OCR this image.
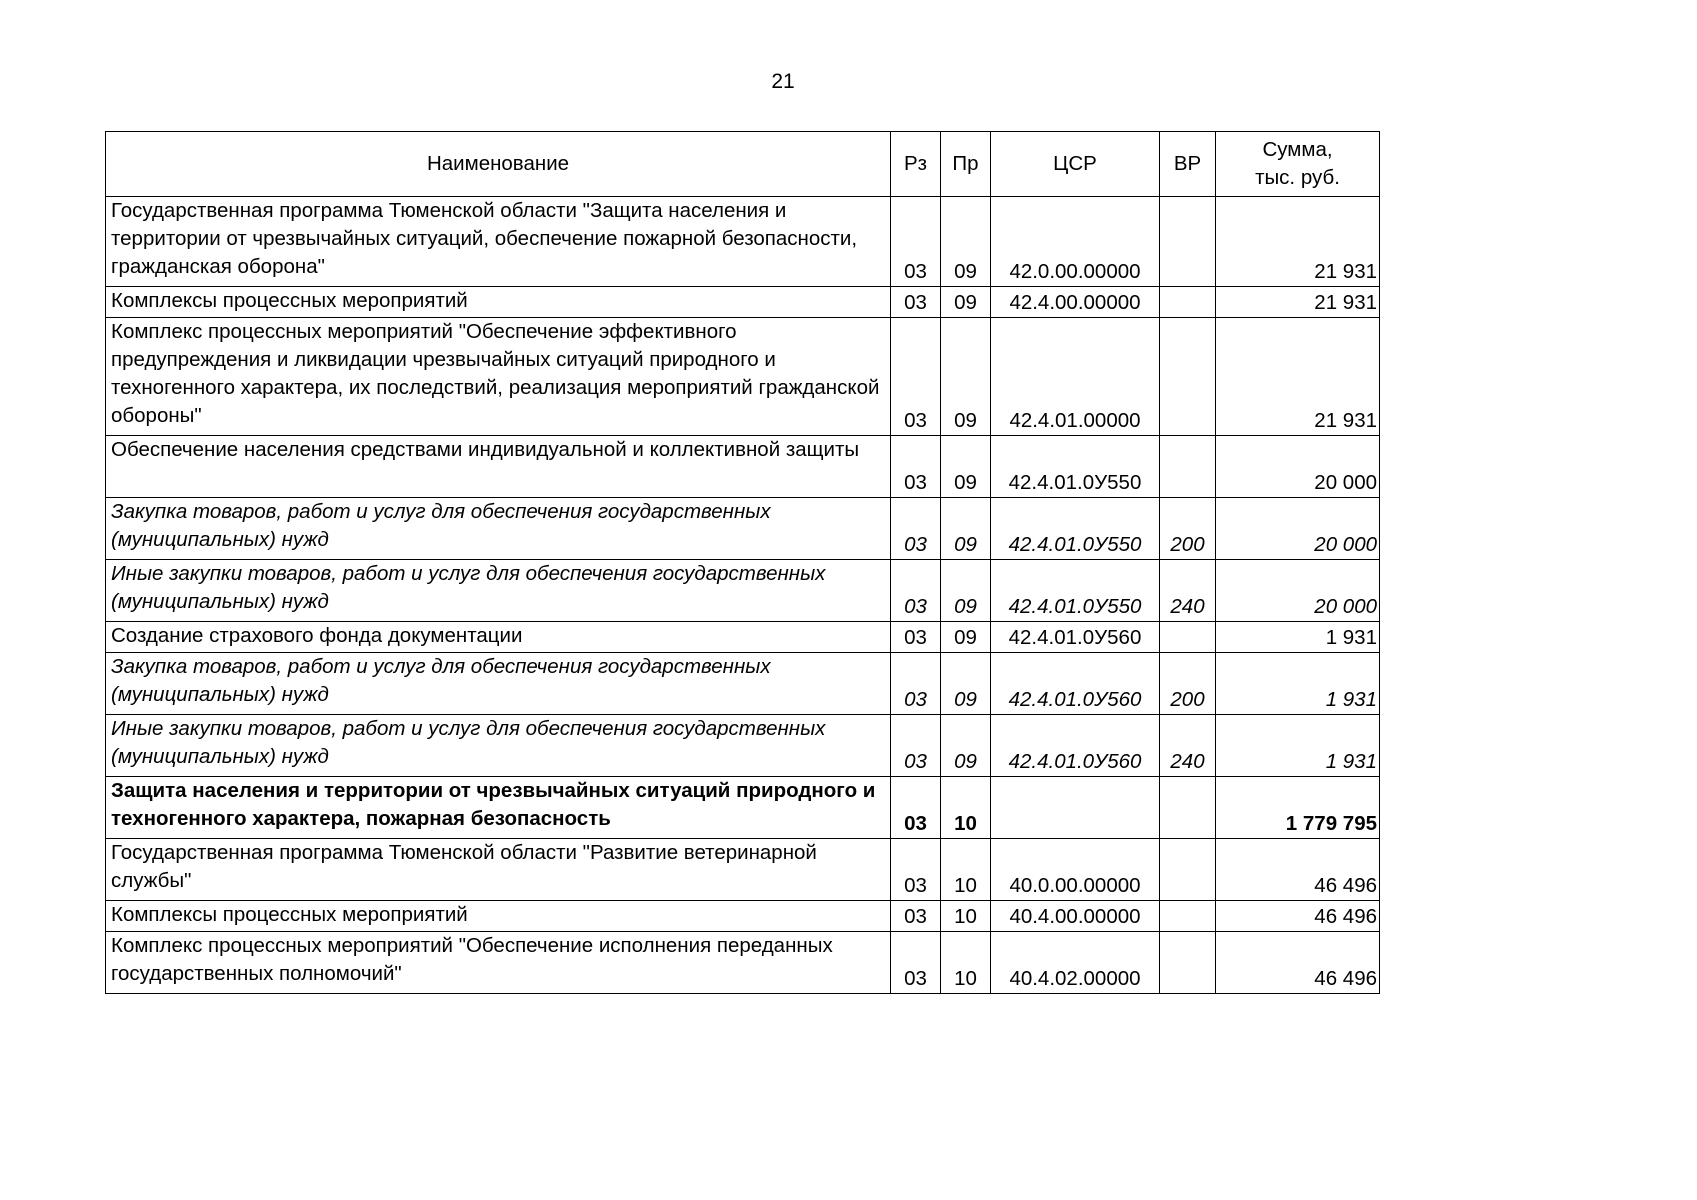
21
Наименование	Рз	Пр	ЦСР	ВР	Сумма,
тыс. руб.

Государственная программа Тюменской области "Защита населения и территории от чрезвычайных ситуаций, обеспечение пожарной безопасности, гражданская оборона"	03	09	42.0.00.00000		21 931
Комплексы процессных мероприятий	03	09	42.4.00.00000		21 931
Комплекс процессных мероприятий "Обеспечение эффективного предупреждения и ликвидации чрезвычайных ситуаций природного и техногенного характера, их последствий, реализация мероприятий гражданской обороны"	03	09	42.4.01.00000		21 931
Обеспечение населения средствами индивидуальной и коллективной защиты	03	09	42.4.01.0У550		20 000
Закупка товаров, работ и услуг для обеспечения государственных (муниципальных) нужд	03	09	42.4.01.0У550	200	20 000
Иные закупки товаров, работ и услуг для обеспечения государственных (муниципальных) нужд	03	09	42.4.01.0У550	240	20 000
Создание страхового фонда документации	03	09	42.4.01.0У560		1 931
Закупка товаров, работ и услуг для обеспечения государственных (муниципальных) нужд	03	09	42.4.01.0У560	200	1 931
Иные закупки товаров, работ и услуг для обеспечения государственных (муниципальных) нужд	03	09	42.4.01.0У560	240	1 931
Защита населения и территории от чрезвычайных ситуаций природного и техногенного характера, пожарная безопасность	03	10			1 779 795
Государственная программа Тюменской области "Развитие ветеринарной службы"	03	10	40.0.00.00000		46 496
Комплексы процессных мероприятий	03	10	40.4.00.00000		46 496
Комплекс процессных мероприятий "Обеспечение исполнения переданных государственных полномочий"	03	10	40.4.02.00000		46 496
